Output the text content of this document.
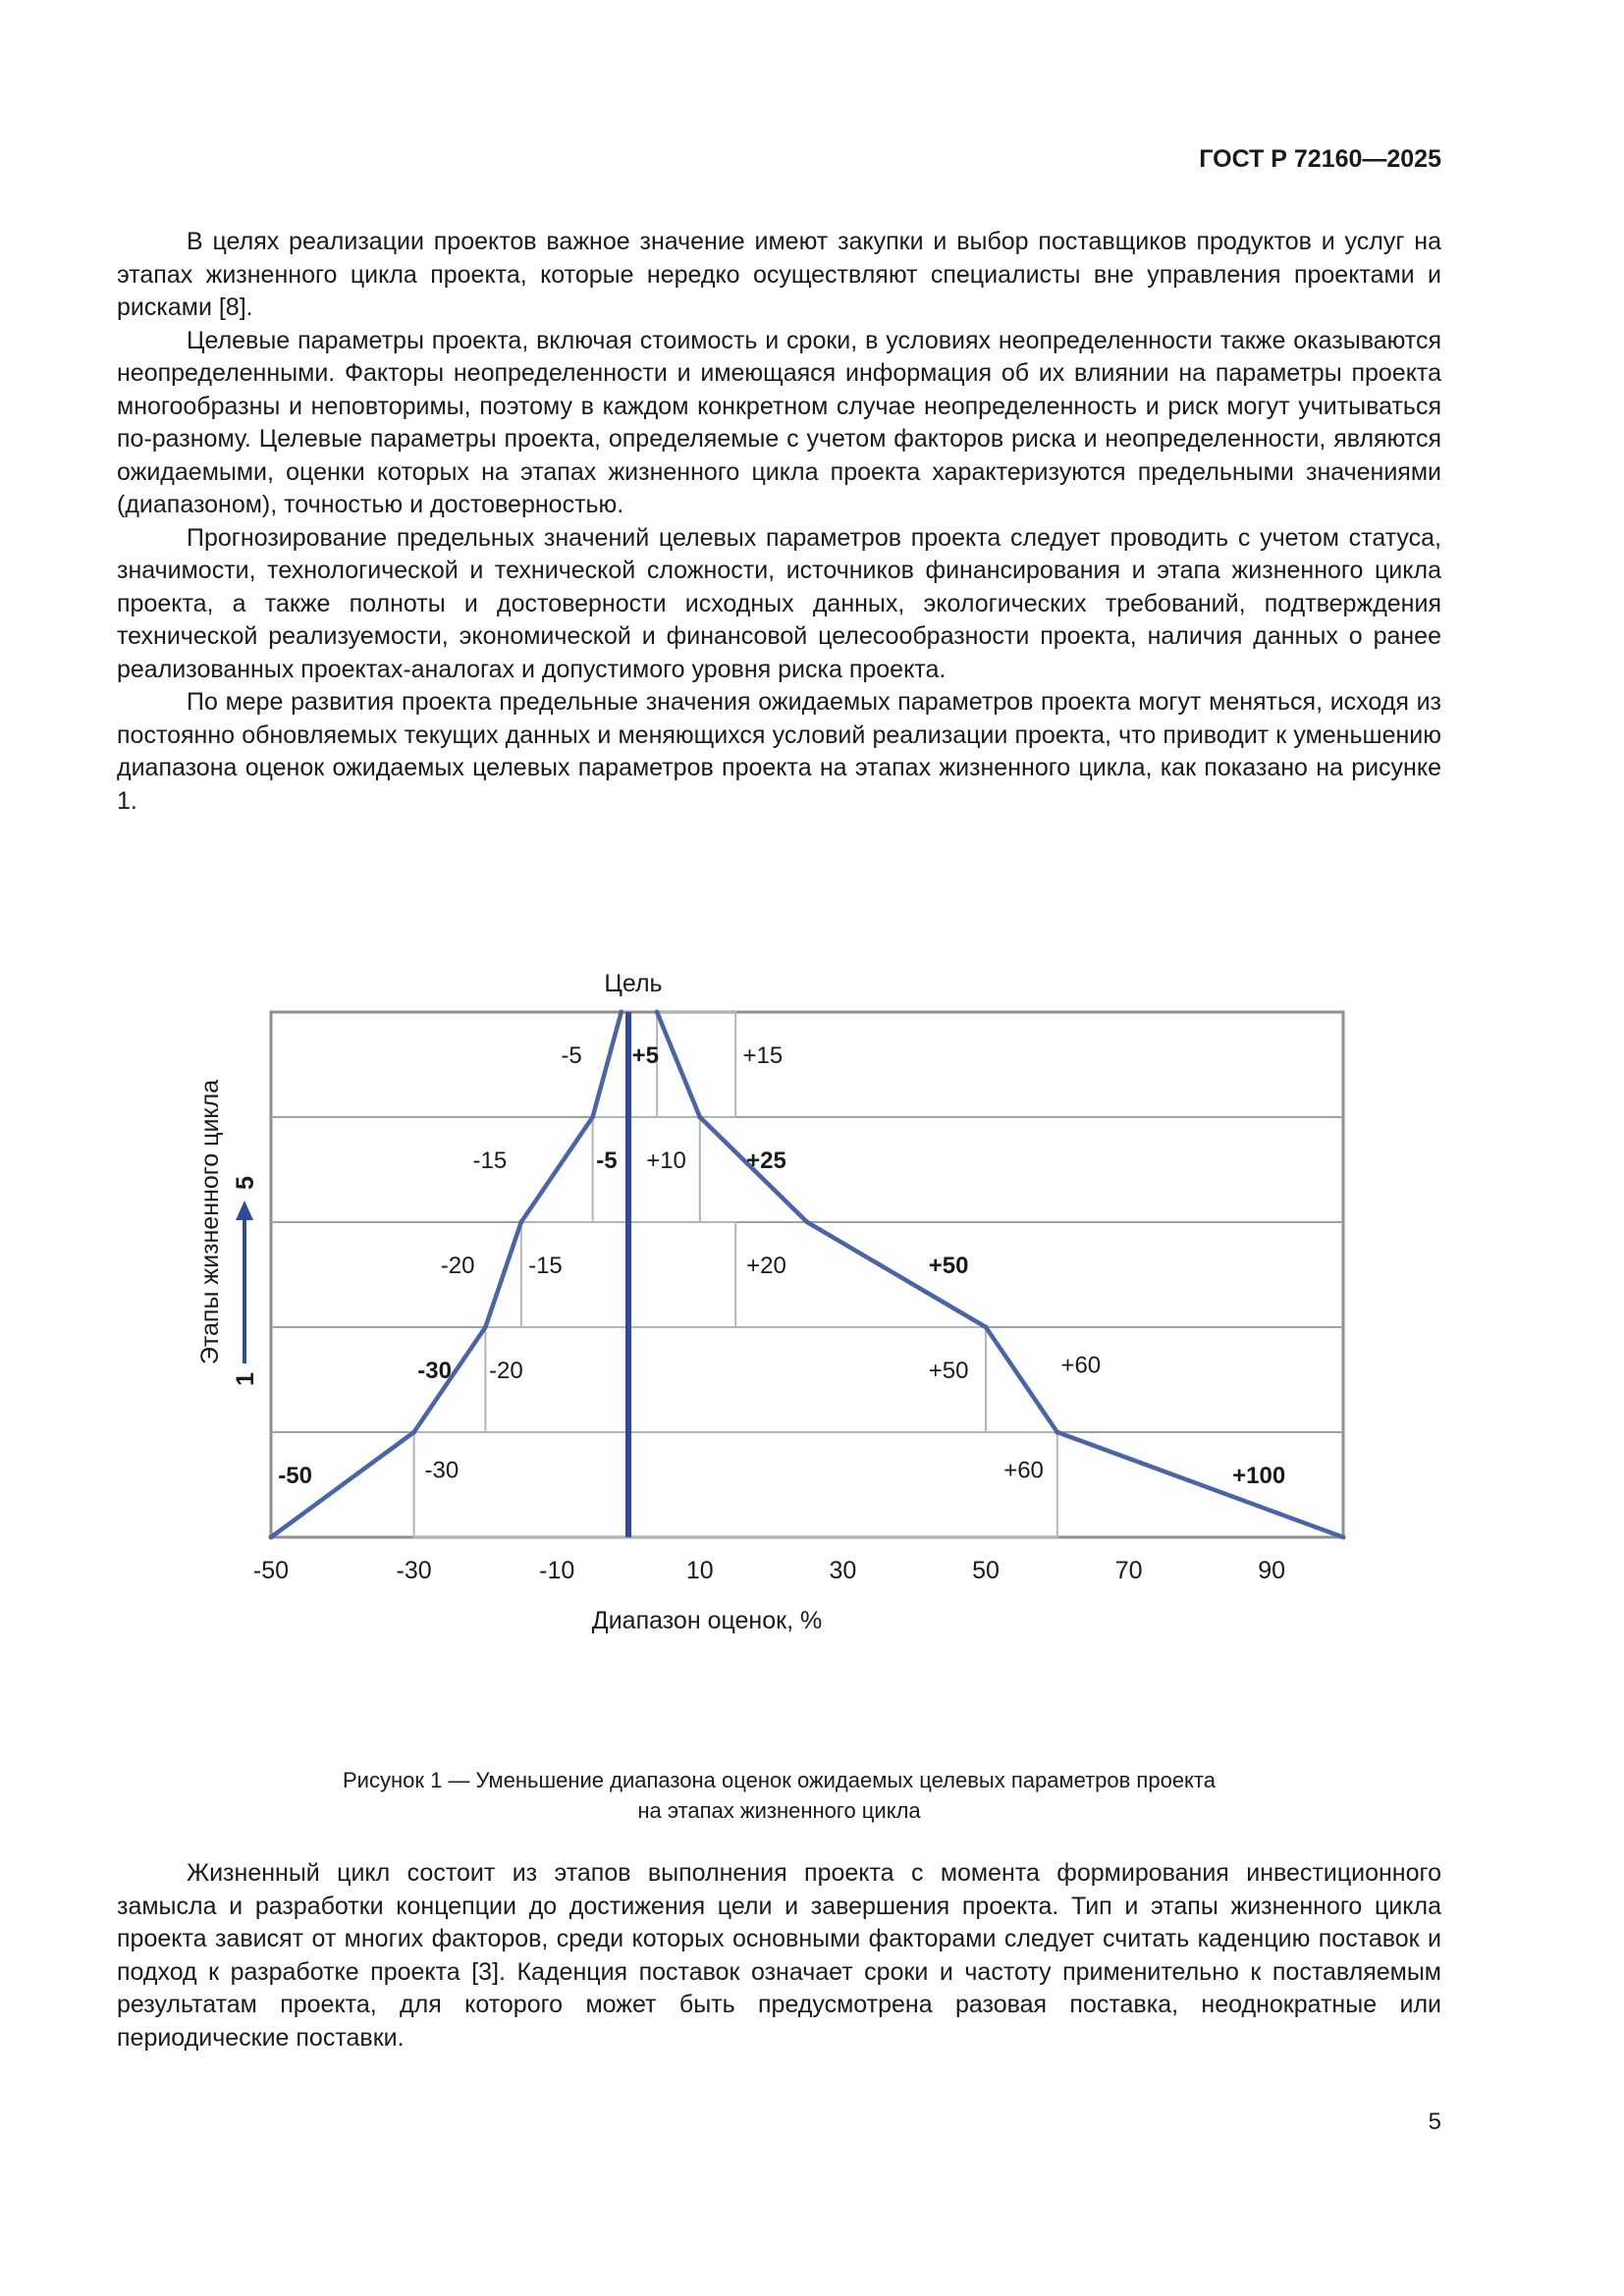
ГОСТ Р 72160—2025

В целях реализации проектов важное значение имеют закупки и выбор поставщиков продуктов и услуг на этапах жизненного цикла проекта, которые нередко осуществляют специалисты вне управления проектами и рисками [8].

Целевые параметры проекта, включая стоимость и сроки, в условиях неопределенности также оказываются неопределенными. Факторы неопределенности и имеющаяся информация об их влиянии на параметры проекта многообразны и неповторимы, поэтому в каждом конкретном случае неопределенность и риск могут учитываться по-разному. Целевые параметры проекта, определяемые с учетом факторов риска и неопределенности, являются ожидаемыми, оценки которых на этапах жизненного цикла проекта характеризуются предельными значениями (диапазоном), точностью и достоверностью.

Прогнозирование предельных значений целевых параметров проекта следует проводить с учетом статуса, значимости, технологической и технической сложности, источников финансирования и этапа жизненного цикла проекта, а также полноты и достоверности исходных данных, экологических требований, подтверждения технической реализуемости, экономической и финансовой целесообразности проекта, наличия данных о ранее реализованных проектах-аналогах и допустимого уровня риска проекта.

По мере развития проекта предельные значения ожидаемых параметров проекта могут меняться, исходя из постоянно обновляемых текущих данных и меняющихся условий реализации проекта, что приводит к уменьшению диапазона оценок ожидаемых целевых параметров проекта на этапах жизненного цикла, как показано на рисунке 1.

Цель
Этапы жизненного цикла
1
5
-5 +5	+15
-15	-5 +10	+25
-20 -15	+20	+50
-30 -20	+50	+60
-50	-30	+60	+100
-50	-30	-10	10	30	50	70	90
Диапазон оценок, %
Рисунок 1 — Уменьшение диапазона оценок ожидаемых целевых параметров проекта
на этапах жизненного цикла

Жизненный цикл состоит из этапов выполнения проекта с момента формирования инвестиционного замысла и разработки концепции до достижения цели и завершения проекта. Тип и этапы жизненного цикла проекта зависят от многих факторов, среди которых основными факторами следует считать каденцию поставок и подход к разработке проекта [3]. Каденция поставок означает сроки и частоту применительно к поставляемым результатам проекта, для которого может быть предусмотрена разовая поставка, неоднократные или периодические поставки.

5
